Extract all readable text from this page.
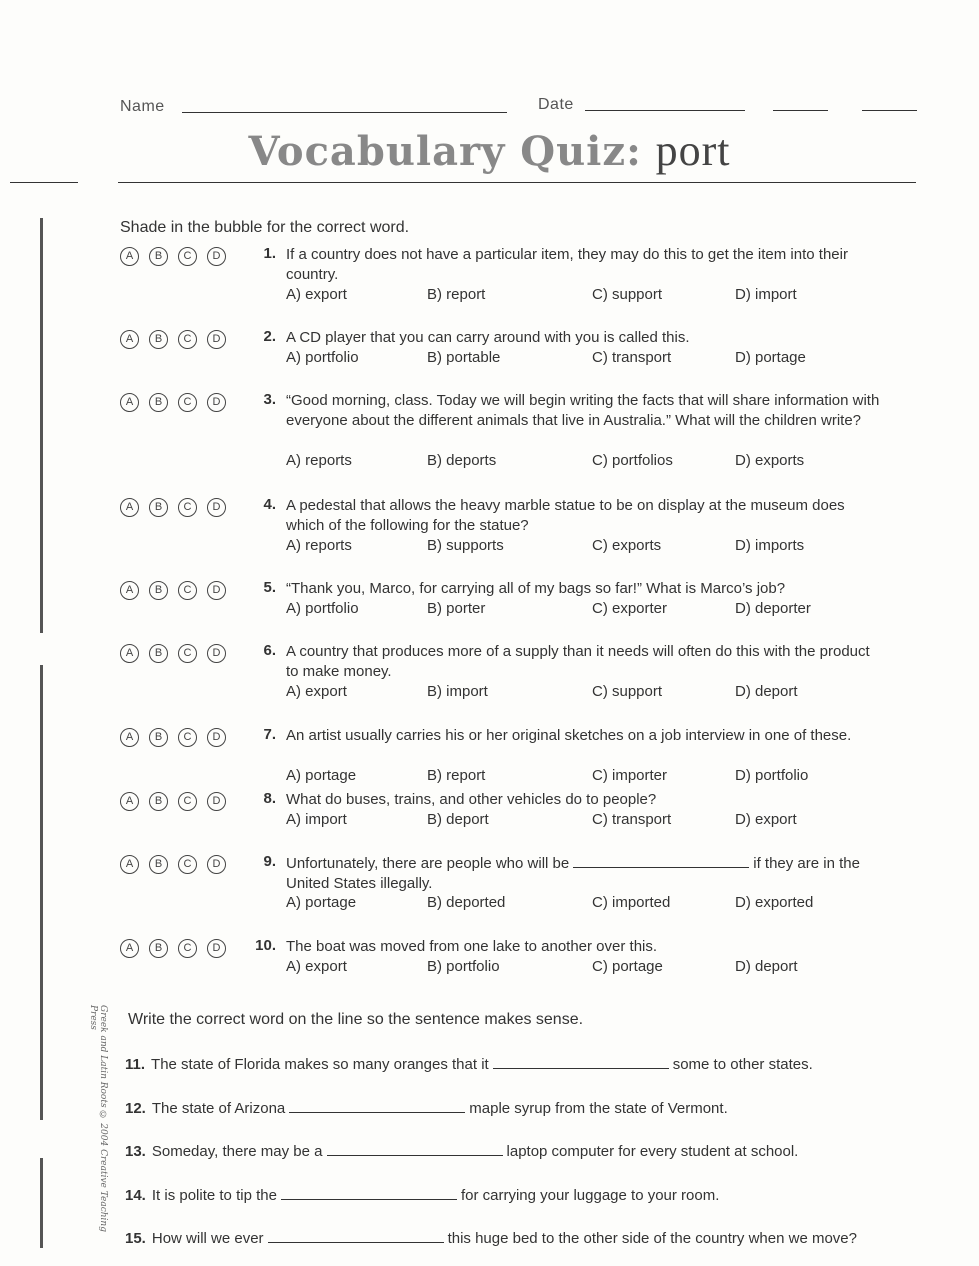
Name	Date
Vocabulary Quiz: port
Shade in the bubble for the correct word.
A	B	C	D	1. If a country does not have a particular item, they may do this to get the item into their country.
A) export	B) report	C) support	D) import
A	B	C	D	2. A CD player that you can carry around with you is called this.
A) portfolio	B) portable	C) transport	D) portage
A	B	C	D	3. “Good morning, class. Today we will begin writing the facts that will share information with everyone about the different animals that live in Australia.” What will the children write?
A) reports	B) deports	C) portfolios	D) exports
A	B	C	D	4. A pedestal that allows the heavy marble statue to be on display at the museum does which of the following for the statue?
A) reports	B) supports	C) exports	D) imports
A	B	C	D	5. “Thank you, Marco, for carrying all of my bags so far!” What is Marco’s job?
A) portfolio	B) porter	C) exporter	D) deporter
A	B	C	D	6. A country that produces more of a supply than it needs will often do this with the product to make money.
A) export	B) import	C) support	D) deport
A	B	C	D	7. An artist usually carries his or her original sketches on a job interview in one of these.
A) portage	B) report	C) importer	D) portfolio
A	B	C	D	8. What do buses, trains, and other vehicles do to people?
A) import	B) deport	C) transport	D) export
A	B	C	D	9. Unfortunately, there are people who will be	if they are in the United States illegally.
A) portage	B) deported	C) imported	D) exported
A	B	C	D	10. The boat was moved from one lake to another over this.
A) export	B) portfolio	C) portage	D) deport
Write the correct word on the line so the sentence makes sense.
11. The state of Florida makes so many oranges that it	some to other states.
12. The state of Arizona	maple syrup from the state of Vermont.
13. Someday, there may be a	laptop computer for every student at school.
14. It is polite to tip the	for carrying your luggage to your room.
15. How will we ever	this huge bed to the other side of the country when we move?
Greek and Latin Roots © 2004 Creative Teaching Press
